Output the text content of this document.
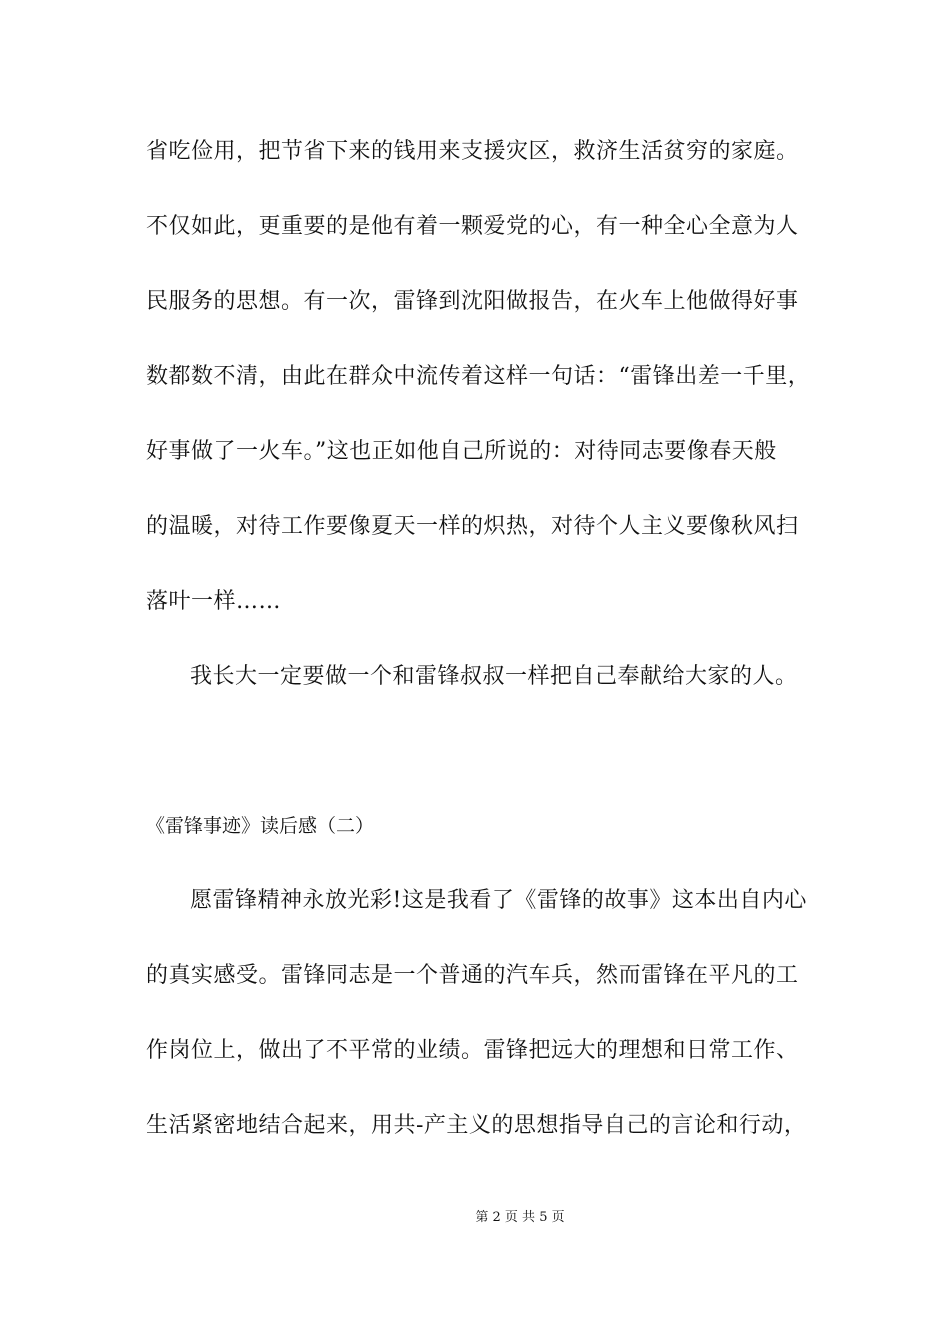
省吃俭用，把节省下来的钱用来支援灾区，救济生活贫穷的家庭。
不仅如此，更重要的是他有着一颗爱党的心，有一种全心全意为人
民服务的思想。有一次，雷锋到沈阳做报告，在火车上他做得好事
数都数不清，由此在群众中流传着这样一句话：“雷锋出差一千里，
好事做了一火车。”这也正如他自己所说的：对待同志要像春天般
的温暖，对待工作要像夏天一样的炽热，对待个人主义要像秋风扫
落叶一样……
我长大一定要做一个和雷锋叔叔一样把自己奉献给大家的人。
《雷锋事迹》读后感（二）
愿雷锋精神永放光彩!这是我看了《雷锋的故事》这本出自内心
的真实感受。雷锋同志是一个普通的汽车兵，然而雷锋在平凡的工
作岗位上，做出了不平常的业绩。雷锋把远大的理想和日常工作、
生活紧密地结合起来，用共-产主义的思想指导自己的言论和行动，
第 2 页 共 5 页
